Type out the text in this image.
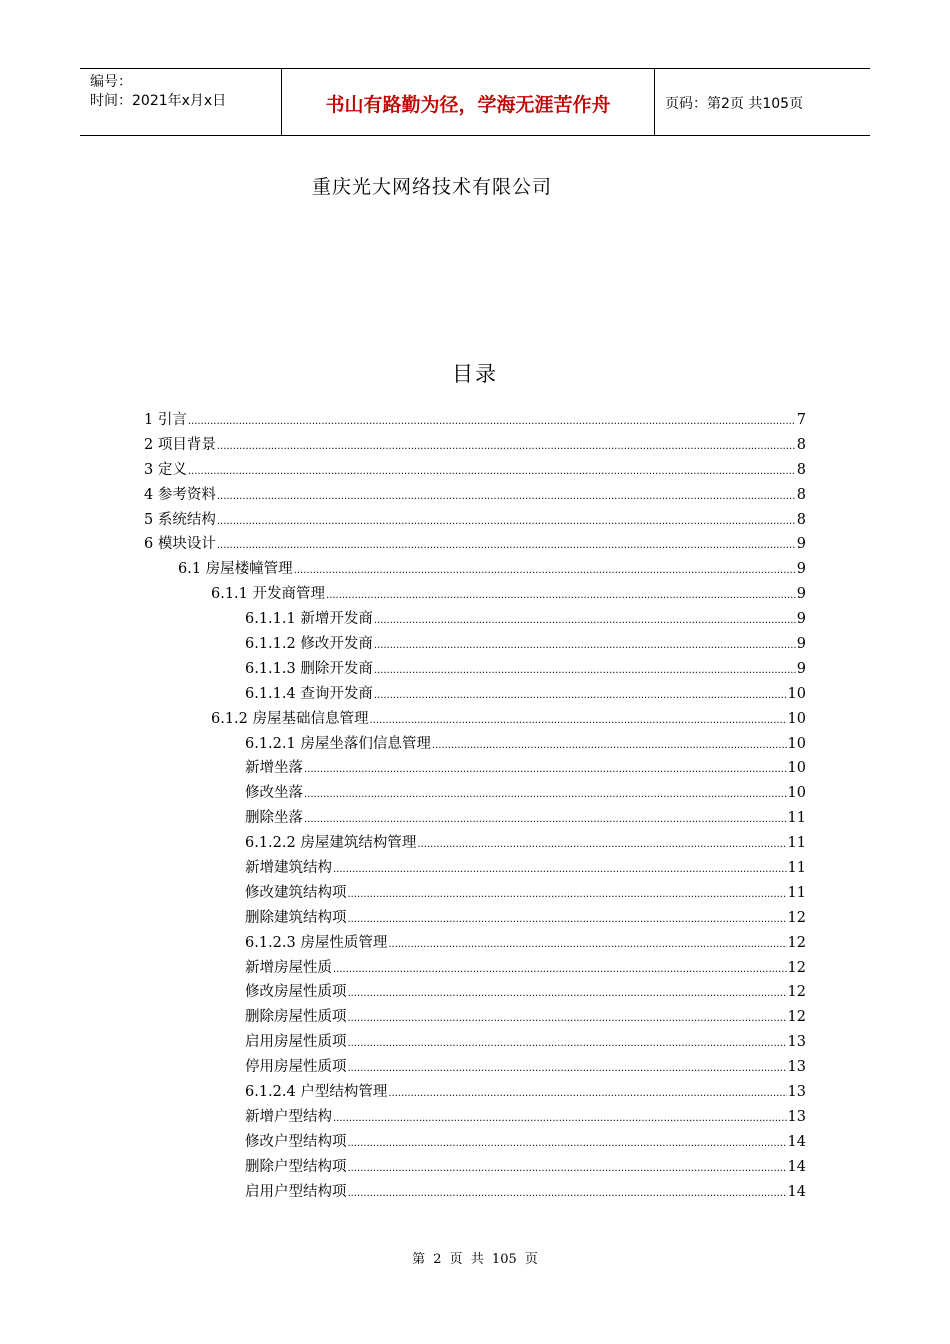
编号：
时间：2021年x月x日	书山有路勤为径，学海无涯苦作舟	页码：第2页 共105页
重庆光大网络技术有限公司
目录
1 引言 .....	7
2 项目背景 .....	8
3 定义 .....	8
4 参考资料 .....	8
5 系统结构 .....	8
6 模块设计 .....	9
6.1 房屋楼幢管理 .....	9
6.1.1 开发商管理 .....	9
6.1.1.1 新增开发商 .....	9
6.1.1.2 修改开发商 .....	9
6.1.1.3 删除开发商 .....	9
6.1.1.4 查询开发商 .....	10
6.1.2 房屋基础信息管理 .....	10
6.1.2.1 房屋坐落们信息管理 .....	10
新增坐落 .....	10
修改坐落 .....	10
删除坐落 .....	11
6.1.2.2 房屋建筑结构管理 .....	11
新增建筑结构 .....	11
修改建筑结构项 .....	11
删除建筑结构项 .....	12
6.1.2.3 房屋性质管理 .....	12
新增房屋性质 .....	12
修改房屋性质项 .....	12
删除房屋性质项 .....	12
启用房屋性质项 .....	13
停用房屋性质项 .....	13
6.1.2.4 户型结构管理 .....	13
新增户型结构 .....	13
修改户型结构项 .....	14
删除户型结构项 .....	14
启用户型结构项 .....	14
第 2 页 共 105 页
